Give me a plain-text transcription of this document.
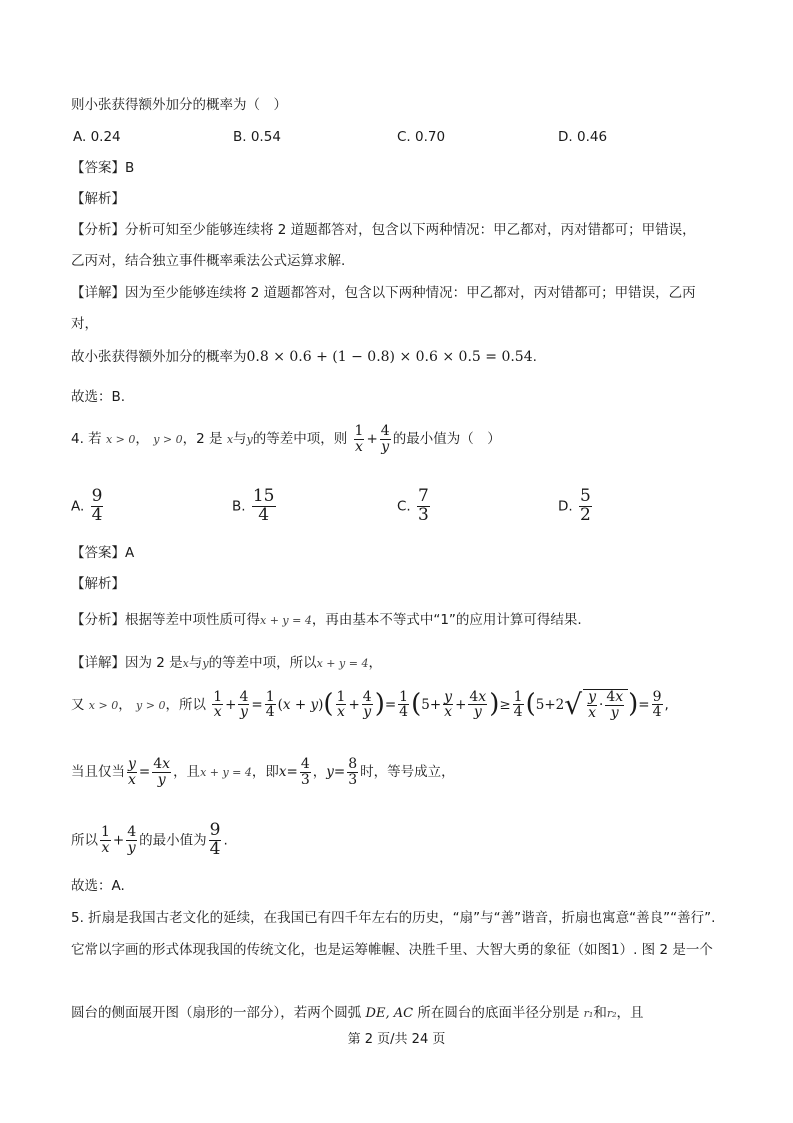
则小张获得额外加分的概率为（　）
A. 0.24	B. 0.54	C. 0.70	D. 0.46
【答案】B
【解析】
【分析】分析可知至少能够连续将 2 道题都答对，包含以下两种情况：甲乙都对，丙对错都可；甲错误，
乙丙对，结合独立事件概率乘法公式运算求解.
【详解】因为至少能够连续将 2 道题都答对，包含以下两种情况：甲乙都对，丙对错都可；甲错误，乙丙
对，
故小张获得额外加分的概率为0.8 × 0.6 + (1 − 0.8) × 0.6 × 0.5 = 0.54.
故选：B.
4. 若 x > 0， y > 0，2 是 x与y的等差中项，则 $\frac{1}{x} + \frac{4}{y}$ 的最小值为（　）
A. $\frac{9}{4}$	B. $\frac{15}{4}$	C. $\frac{7}{3}$	D. $\frac{5}{2}$
【答案】A
【解析】
【分析】根据等差中项性质可得x + y = 4，再由基本不等式中“1”的应用计算可得结果.
【详解】因为 2 是x与y的等差中项，所以x + y = 4，
又 x > 0， y > 0，所以 $\frac{1}{x} + \frac{4}{y} = \frac{1}{4} (x + y)( \frac{1}{x} + \frac{4}{y}$ )= $\frac{1}{4} (5+ \frac{y}{x} + \frac{4x}{y}$ )≥ $\frac{1}{4} (5+2√ \frac{y}{x} \cdot \frac{4x}{y}$ )= $\frac{9}{4}$ ,
当且仅当 $\frac{y}{x} = \frac{4x}{y}$ ，且x + y = 4，即$x= \frac{4}{3}$ ，$y= \frac{8}{3}$ 时，等号成立，
所以 $\frac{1}{x} + \frac{4}{y}$ 的最小值为 $\frac{9}{4}$ .
故选：A.
5. 折扇是我国古老文化的延续，在我国已有四千年左右的历史，“扇”与“善”谐音，折扇也寓意“善良”“善行”.
它常以字画的形式体现我国的传统文化，也是运筹帷幄、决胜千里、大智大勇的象征（如图1）. 图 2 是一个
圆台的侧面展开图（扇形的一部分），若两个圆弧 DE, AC 所在圆台的底面半径分别是 r₁和r₂，且
第 2 页/共 24 页
